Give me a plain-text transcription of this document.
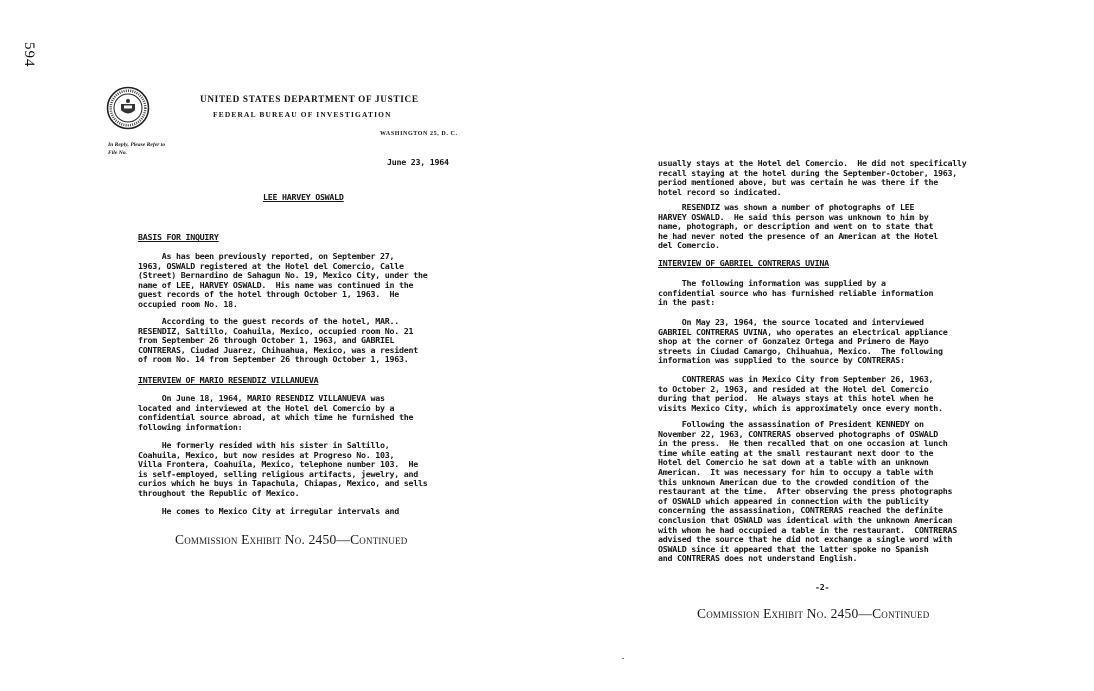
594
UNITED STATES DEPARTMENT OF JUSTICE
FEDERAL BUREAU OF INVESTIGATION
WASHINGTON 25, D. C.
In Reply, Please Refer to
File No.
June 23, 1964
LEE HARVEY OSWALD
BASIS FOR INQUIRY
As has been previously reported, on September 27,
1963, OSWALD registered at the Hotel del Comercio, Calle
(Street) Bernardino de Sahagun No. 19, Mexico City, under the
name of LEE, HARVEY OSWALD.  His name was continued in the
guest records of the hotel through October 1, 1963.  He
occupied room No. 18.
According to the guest records of the hotel, MAR..
RESENDIZ, Saltillo, Coahuila, Mexico, occupied room No. 21
from September 26 through October 1, 1963, and GABRIEL
CONTRERAS, Ciudad Juarez, Chihuahua, Mexico, was a resident
of room No. 14 from September 26 through October 1, 1963.
INTERVIEW OF MARIO RESENDIZ VILLANUEVA
On June 18, 1964, MARIO RESENDIZ VILLANUEVA was
located and interviewed at the Hotel del Comercio by a
confidential source abroad, at which time he furnished the
following information:
He formerly resided with his sister in Saltillo,
Coahuila, Mexico, but now resides at Progreso No. 103,
Villa Frontera, Coahuila, Mexico, telephone number 103.  He
is self-employed, selling religious artifacts, jewelry, and
curios which he buys in Tapachula, Chiapas, Mexico, and sells
throughout the Republic of Mexico.
He comes to Mexico City at irregular intervals and
Commission Exhibit No. 2450—Continued
usually stays at the Hotel del Comercio.  He did not specifically
recall staying at the hotel during the September-October, 1963,
period mentioned above, but was certain he was there if the
hotel record so indicated.
RESENDIZ was shown a number of photographs of LEE
HARVEY OSWALD.  He said this person was unknown to him by
name, photograph, or description and went on to state that
he had never noted the presence of an American at the Hotel
del Comercio.
INTERVIEW OF GABRIEL CONTRERAS UVINA
The following information was supplied by a
confidential source who has furnished reliable information
in the past:
On May 23, 1964, the source located and interviewed
GABRIEL CONTRERAS UVINA, who operates an electrical appliance
shop at the corner of Gonzalez Ortega and Primero de Mayo
streets in Ciudad Camargo, Chihuahua, Mexico.  The following
information was supplied to the source by CONTRERAS:
CONTRERAS was in Mexico City from September 26, 1963,
to October 2, 1963, and resided at the Hotel del Comercio
during that period.  He always stays at this hotel when he
visits Mexico City, which is approximately once every month.
Following the assassination of President KENNEDY on
November 22, 1963, CONTRERAS observed photographs of OSWALD
in the press.  He then recalled that on one occasion at lunch
time while eating at the small restaurant next door to the
Hotel del Comercio he sat down at a table with an unknown
American.  It was necessary for him to occupy a table with
this unknown American due to the crowded condition of the
restaurant at the time.  After observing the press photographs
of OSWALD which appeared in connection with the publicity
concerning the assassination, CONTRERAS reached the definite
conclusion that OSWALD was identical with the unknown American
with whom he had occupied a table in the restaurant.  CONTRERAS
advised the source that he did not exchange a single word with
OSWALD since it appeared that the latter spoke no Spanish
and CONTRERAS does not understand English.
-2-
Commission Exhibit No. 2450—Continued
